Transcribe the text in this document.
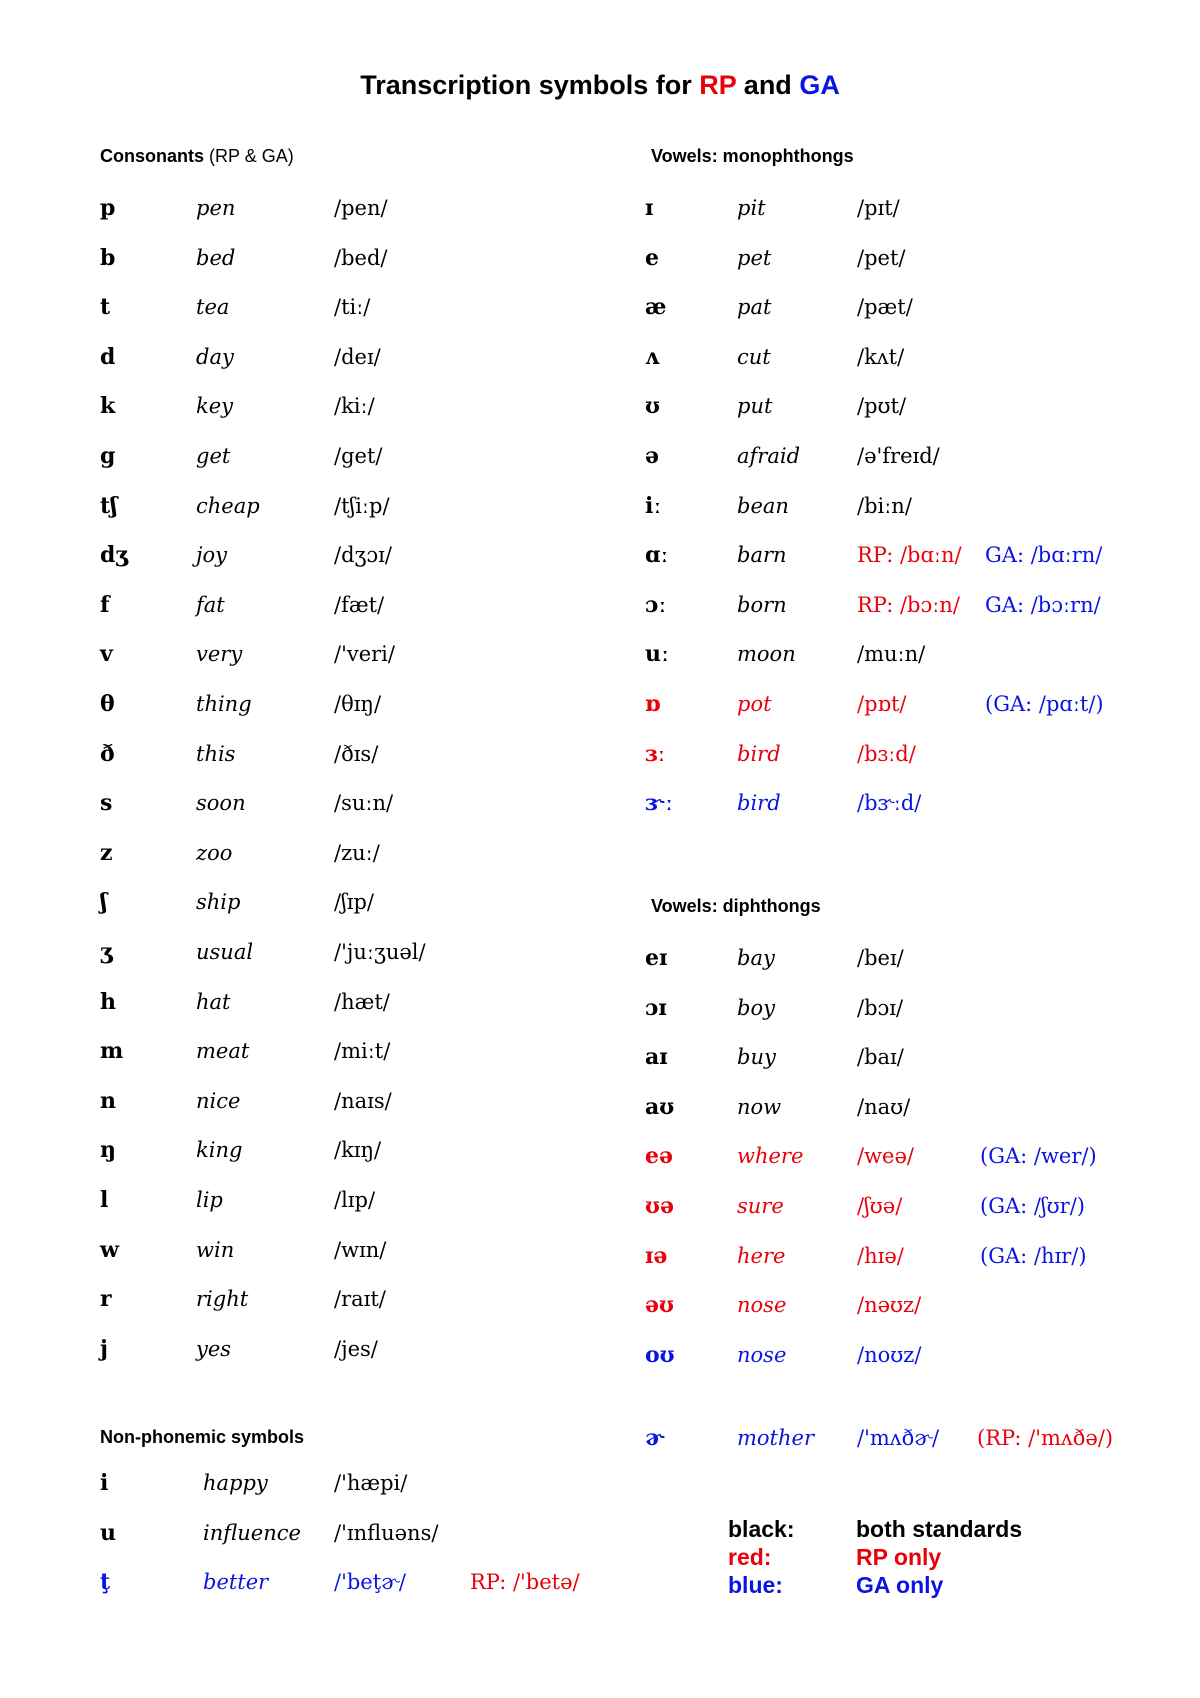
Transcription symbols for RP and GA
Consonants (RP & GA)	Vowels: monophthongs
Vowels: diphthongs
Non-phonemic symbols
p	pen	/pen/
b	bed	/bed/
t	tea	/tiː/
d	day	/deɪ/
k	key	/kiː/
g	get	/get/
tʃ	cheap	/tʃiːp/
dʒ	joy	/dʒɔɪ/
f	fat	/fæt/
v	very	/'veri/
θ	thing	/θɪŋ/
ð	this	/ðɪs/
s	soon	/suːn/
z	zoo	/zuː/
ʃ	ship	/ʃɪp/
ʒ	usual	/'juːʒuəl/
h	hat	/hæt/
m	meat	/miːt/
n	nice	/naɪs/
ŋ	king	/kɪŋ/
l	lip	/lɪp/
w	win	/wɪn/
r	right	/raɪt/
j	yes	/jes/
i	happy	/'hæpi/
u	influence /'ɪnfluəns/
ţ	better	/'beţɚ/	RP: /'betə/
ɪ	pit	/pɪt/
e	pet	/pet/
æ	pat	/pæt/
ʌ	cut	/kʌt/
ʊ	put	/pʊt/
ə	afraid	/ə'freɪd/
iː	bean	/biːn/
ɑː	barn	RP: /bɑːn/ GA: /bɑːrn/
ɔː	born	RP: /bɔːn/ GA: /bɔːrn/
uː	moon	/muːn/
ɒ	pot	/pɒt/	(GA: /pɑːt/)
ɜː	bird	/bɜːd/
ɝː	bird	/bɝːd/
eɪ	bay	/beɪ/
ɔɪ	boy	/bɔɪ/
aɪ	buy	/baɪ/
aʊ	now	/naʊ/
eə	where	/weə/	(GA: /wer/)
ʊə	sure	/ʃʊə/	(GA: /ʃʊr/)
ɪə	here	/hɪə/	(GA: /hɪr/)
əʊ	nose	/nəʊz/
oʊ	nose	/noʊz/
ɚ	mother /'mʌðɚ/ (RP: /'mʌðə/)
black:	both standards
red:	RP only
blue:	GA only
